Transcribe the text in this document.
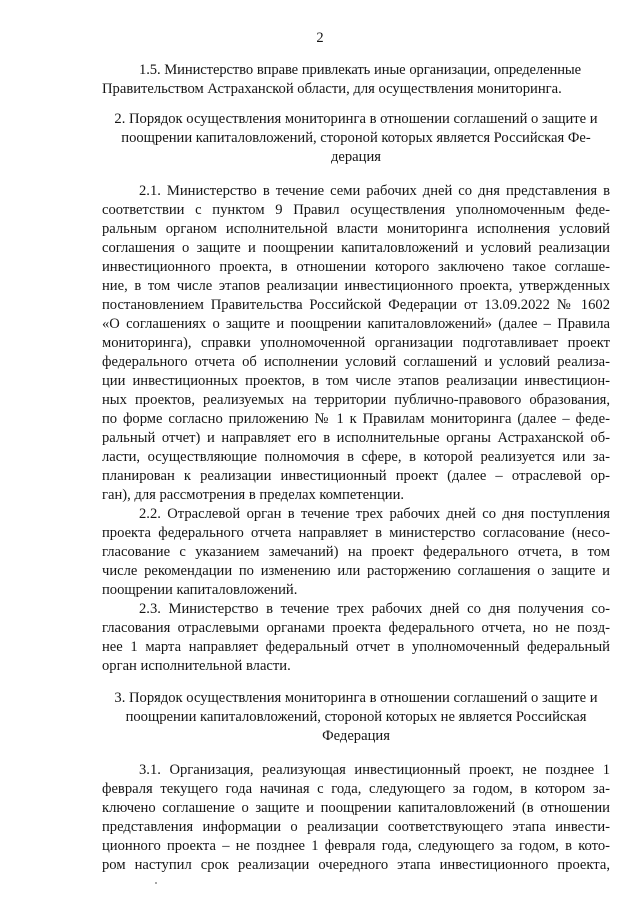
2
1.5. Министерство вправе привлекать иные организации, определенные
Правительством Астраханской области, для осуществления мониторинга.
2. Порядок осуществления мониторинга в отношении соглашений о защите и
поощрении капиталовложений, стороной которых является Российская Фе-
дерация
2.1. Министерство в течение семи рабочих дней со дня представления в
соответствии с пунктом 9 Правил осуществления уполномоченным феде-
ральным органом исполнительной власти мониторинга исполнения условий
соглашения о защите и поощрении капиталовложений и условий реализации
инвестиционного проекта, в отношении которого заключено такое соглаше-
ние, в том числе этапов реализации инвестиционного проекта, утвержденных
постановлением Правительства Российской Федерации от 13.09.2022 № 1602
«О соглашениях о защите и поощрении капиталовложений» (далее – Правила
мониторинга), справки уполномоченной организации подготавливает проект
федерального отчета об исполнении условий соглашений и условий реализа-
ции инвестиционных проектов, в том числе этапов реализации инвестицион-
ных проектов, реализуемых на территории публично-правового образования,
по форме согласно приложению № 1 к Правилам мониторинга (далее – феде-
ральный отчет) и направляет его в исполнительные органы Астраханской об-
ласти, осуществляющие полномочия в сфере, в которой реализуется или за-
планирован к реализации инвестиционный проект (далее – отраслевой ор-
ган), для рассмотрения в пределах компетенции.
2.2. Отраслевой орган в течение трех рабочих дней со дня поступления
проекта федерального отчета направляет в министерство согласование (несо-
гласование с указанием замечаний) на проект федерального отчета, в том
числе рекомендации по изменению или расторжению соглашения о защите и
поощрении капиталовложений.
2.3. Министерство в течение трех рабочих дней со дня получения со-
гласования отраслевыми органами проекта федерального отчета, но не позд-
нее 1 марта направляет федеральный отчет в уполномоченный федеральный
орган исполнительной власти.
3. Порядок осуществления мониторинга в отношении соглашений о защите и
поощрении капиталовложений, стороной которых не является Российская
Федерация
3.1. Организация, реализующая инвестиционный проект, не позднее 1
февраля текущего года начиная с года, следующего за годом, в котором за-
ключено соглашение о защите и поощрении капиталовложений (в отношении
представления информации о реализации соответствующего этапа инвести-
ционного проекта – не позднее 1 февраля года, следующего за годом, в кото-
ром наступил срок реализации очередного этапа инвестиционного проекта,
